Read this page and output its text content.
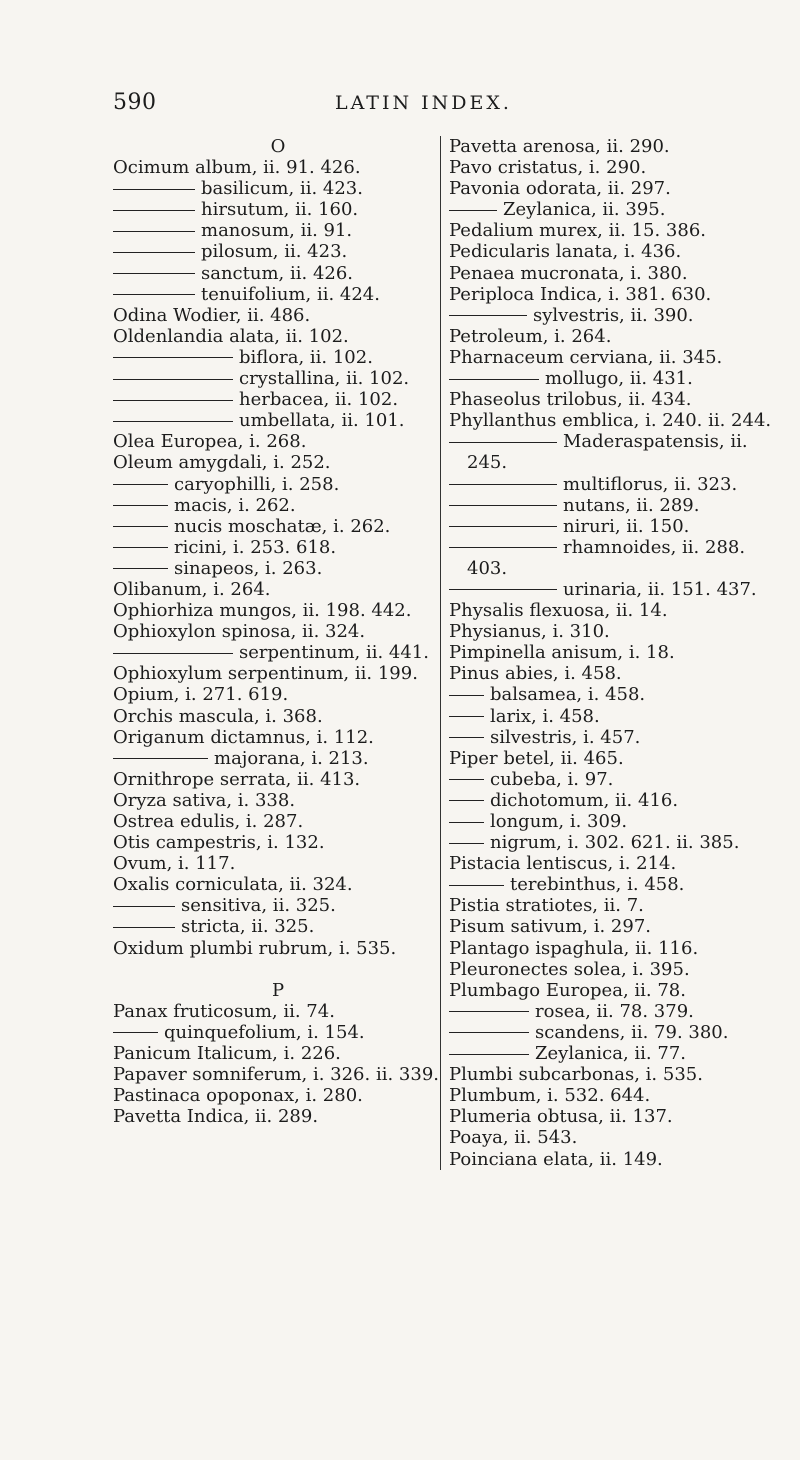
590	LATIN INDEX.
O
Ocimum album, ii. 91. 426.
basilicum, ii. 423.
hirsutum, ii. 160.
manosum, ii. 91.
pilosum, ii. 423.
sanctum, ii. 426.
tenuifolium, ii. 424.
Odina Wodier, ii. 486.
Oldenlandia alata, ii. 102.
biflora, ii. 102.
crystallina, ii. 102.
herbacea, ii. 102.
umbellata, ii. 101.
Olea Europea, i. 268.
Oleum amygdali, i. 252.
caryophilli, i. 258.
macis, i. 262.
nucis moschatæ, i. 262.
ricini, i. 253. 618.
sinapeos, i. 263.
Olibanum, i. 264.
Ophiorhiza mungos, ii. 198. 442.
Ophioxylon spinosa, ii. 324.
serpentinum, ii. 441.
Ophioxylum serpentinum, ii. 199.
Opium, i. 271. 619.
Orchis mascula, i. 368.
Origanum dictamnus, i. 112.
majorana, i. 213.
Ornithrope serrata, ii. 413.
Oryza sativa, i. 338.
Ostrea edulis, i. 287.
Otis campestris, i. 132.
Ovum, i. 117.
Oxalis corniculata, ii. 324.
sensitiva, ii. 325.
stricta, ii. 325.
Oxidum plumbi rubrum, i. 535.
P
Panax fruticosum, ii. 74.
quinquefolium, i. 154.
Panicum Italicum, i. 226.
Papaver somniferum, i. 326. ii. 339.
Pastinaca opoponax, i. 280.
Pavetta Indica, ii. 289.
Pavetta arenosa, ii. 290.
Pavo cristatus, i. 290.
Pavonia odorata, ii. 297.
Zeylanica, ii. 395.
Pedalium murex, ii. 15. 386.
Pedicularis lanata, i. 436.
Penaea mucronata, i. 380.
Periploca Indica, i. 381. 630.
sylvestris, ii. 390.
Petroleum, i. 264.
Pharnaceum cerviana, ii. 345.
mollugo, ii. 431.
Phaseolus trilobus, ii. 434.
Phyllanthus emblica, i. 240. ii. 244.
Maderaspatensis, ii. 245.
multiflorus, ii. 323.
nutans, ii. 289.
niruri, ii. 150.
rhamnoides, ii. 288. 403.
urinaria, ii. 151. 437.
Physalis flexuosa, ii. 14.
Physianus, i. 310.
Pimpinella anisum, i. 18.
Pinus abies, i. 458.
balsamea, i. 458.
larix, i. 458.
silvestris, i. 457.
Piper betel, ii. 465.
cubeba, i. 97.
dichotomum, ii. 416.
longum, i. 309.
nigrum, i. 302. 621. ii. 385.
Pistacia lentiscus, i. 214.
terebinthus, i. 458.
Pistia stratiotes, ii. 7.
Pisum sativum, i. 297.
Plantago ispaghula, ii. 116.
Pleuronectes solea, i. 395.
Plumbago Europea, ii. 78.
rosea, ii. 78. 379.
scandens, ii. 79. 380.
Zeylanica, ii. 77.
Plumbi subcarbonas, i. 535.
Plumbum, i. 532. 644.
Plumeria obtusa, ii. 137.
Poaya, ii. 543.
Poinciana elata, ii. 149.
